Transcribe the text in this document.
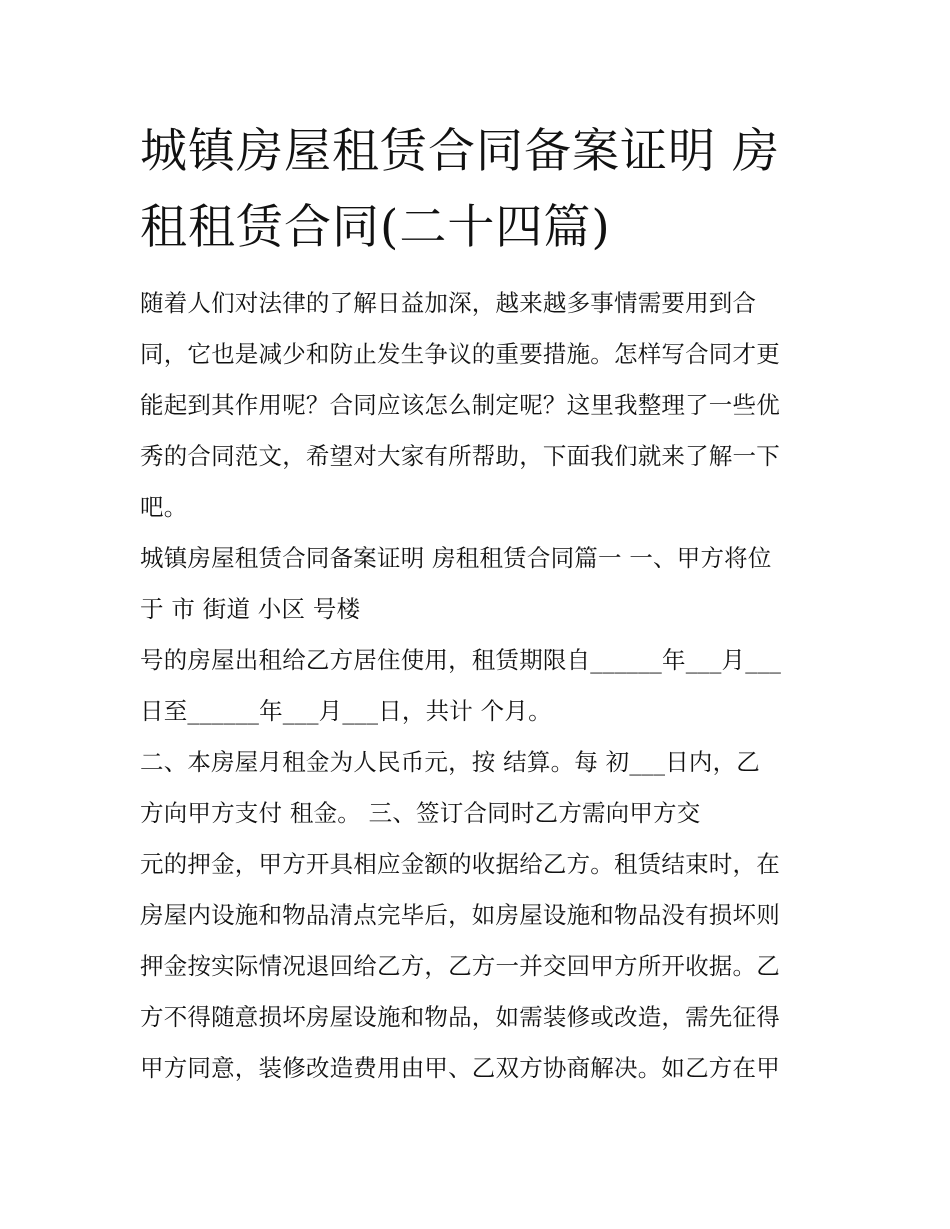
城镇房屋租赁合同备案证明 房
租租赁合同(二十四篇)
随着人们对法律的了解日益加深，越来越多事情需要用到合
同，它也是减少和防止发生争议的重要措施。怎样写合同才更
能起到其作用呢？合同应该怎么制定呢？这里我整理了一些优
秀的合同范文，希望对大家有所帮助，下面我们就来了解一下
吧。
城镇房屋租赁合同备案证明 房租租赁合同篇一 一、甲方将位
于 市 街道 小区 号楼
号的房屋出租给乙方居住使用，租赁期限自______年___月___
日至______年___月___日，共计 个月。
二、本房屋月租金为人民币元，按 结算。每 初___日内，乙
方向甲方支付 租金。 三、签订合同时乙方需向甲方交
元的押金，甲方开具相应金额的收据给乙方。租赁结束时，在
房屋内设施和物品清点完毕后，如房屋设施和物品没有损坏则
押金按实际情况退回给乙方，乙方一并交回甲方所开收据。乙
方不得随意损坏房屋设施和物品，如需装修或改造，需先征得
甲方同意，装修改造费用由甲、乙双方协商解决。如乙方在甲
